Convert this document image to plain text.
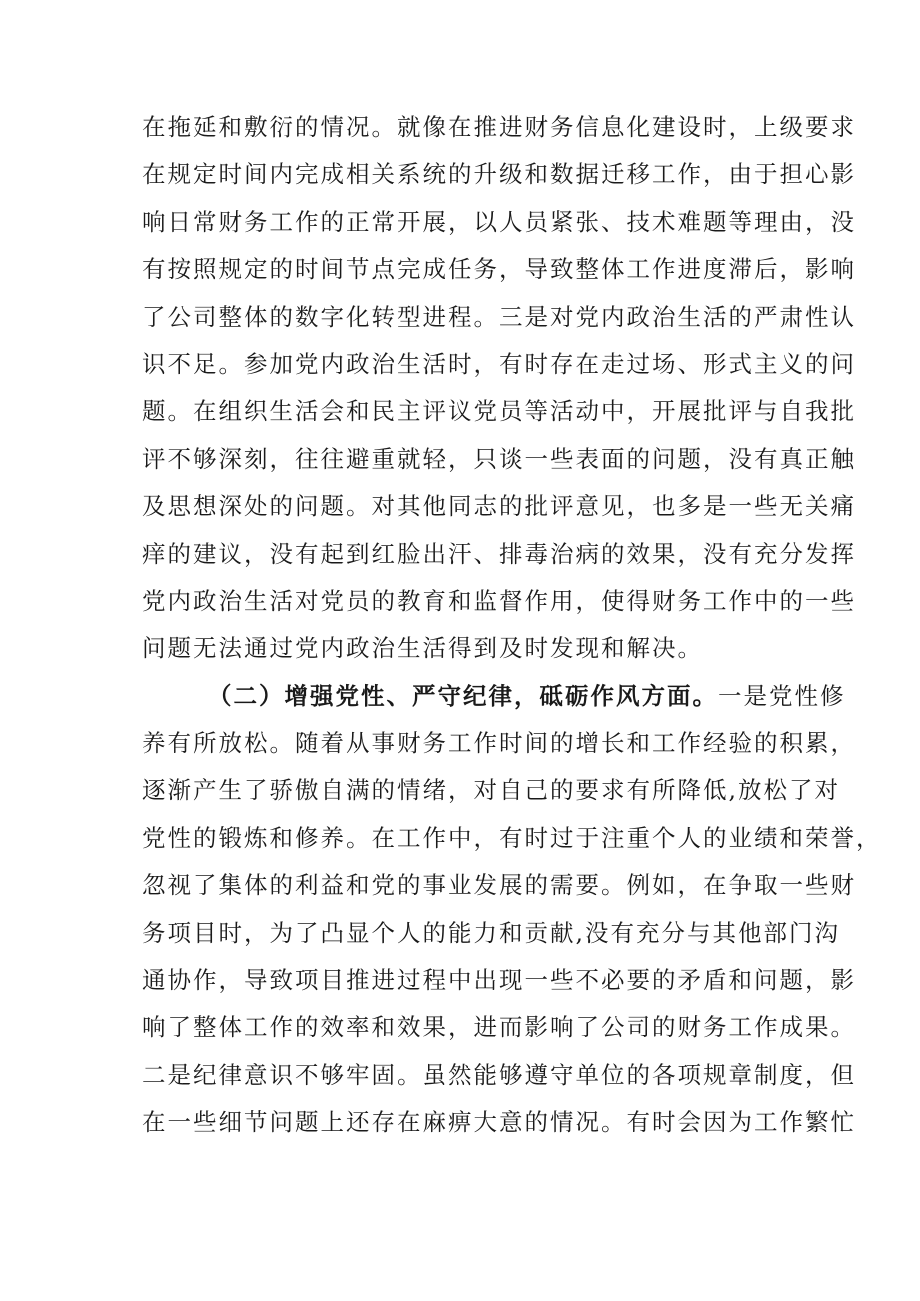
在拖延和敷衍的情况。就像在推进财务信息化建设时，上级要求
在规定时间内完成相关系统的升级和数据迁移工作，由于担心影
响日常财务工作的正常开展，以人员紧张、技术难题等理由，没
有按照规定的时间节点完成任务，导致整体工作进度滞后，影响
了公司整体的数字化转型进程。三是对党内政治生活的严肃性认
识不足。参加党内政治生活时，有时存在走过场、形式主义的问
题。在组织生活会和民主评议党员等活动中，开展批评与自我批
评不够深刻，往往避重就轻，只谈一些表面的问题，没有真正触
及思想深处的问题。对其他同志的批评意见，也多是一些无关痛
痒的建议，没有起到红脸出汗、排毒治病的效果，没有充分发挥
党内政治生活对党员的教育和监督作用，使得财务工作中的一些
问题无法通过党内政治生活得到及时发现和解决。
（二）增强党性、严守纪律，砥砺作风方面。一是党性修
养有所放松。随着从事财务工作时间的增长和工作经验的积累，
逐渐产生了骄傲自满的情绪，对自己的要求有所降低,放松了对
党性的锻炼和修养。在工作中，有时过于注重个人的业绩和荣誉，
忽视了集体的利益和党的事业发展的需要。例如，在争取一些财
务项目时，为了凸显个人的能力和贡献,没有充分与其他部门沟
通协作，导致项目推进过程中出现一些不必要的矛盾和问题，影
响了整体工作的效率和效果，进而影响了公司的财务工作成果。
二是纪律意识不够牢固。虽然能够遵守单位的各项规章制度，但
在一些细节问题上还存在麻痹大意的情况。有时会因为工作繁忙
